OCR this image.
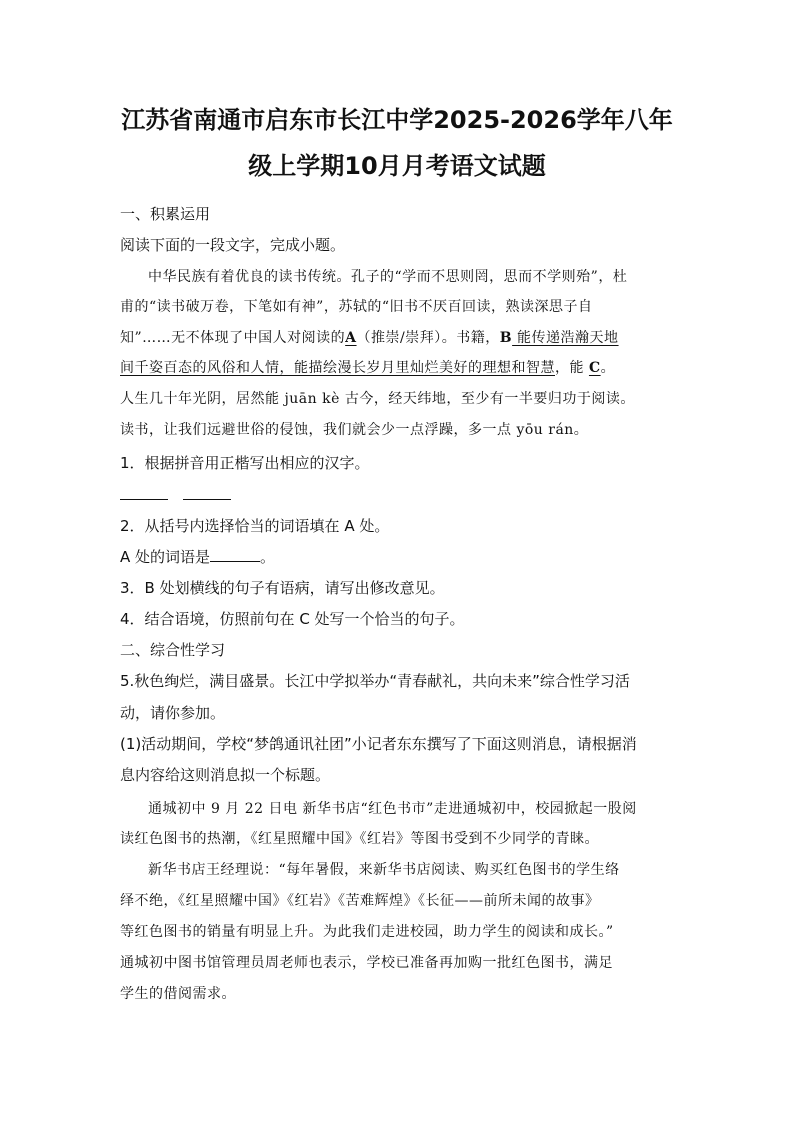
江苏省南通市启东市长江中学2025-2026学年八年
级上学期10月月考语文试题
一、积累运用
阅读下面的一段文字，完成小题。
中华民族有着优良的读书传统。孔子的“学而不思则罔，思而不学则殆”，杜
甫的“读书破万卷，下笔如有神”，苏轼的“旧书不厌百回读，熟读深思子自
知”……无不体现了中国人对阅读的A（推崇/崇拜）。书籍，B 能传递浩瀚天地
间千姿百态的风俗和人情，能描绘漫长岁月里灿烂美好的理想和智慧，能 C。
人生几十年光阴，居然能 juān kè 古今，经天纬地，至少有一半要归功于阅读。
读书，让我们远避世俗的侵蚀，我们就会少一点浮躁，多一点 yōu rán。
1．根据拼音用正楷写出相应的汉字。

2．从括号内选择恰当的词语填在 A 处。
A 处的词语是	。
3．B 处划横线的句子有语病，请写出修改意见。
4．结合语境，仿照前句在 C 处写一个恰当的句子。
二、综合性学习
5.秋色绚烂，满目盛景。长江中学拟举办“青春献礼，共向未来”综合性学习活
动，请你参加。
(1)活动期间，学校“梦鸽通讯社团”小记者东东撰写了下面这则消息，请根据消
息内容给这则消息拟一个标题。
通城初中 9 月 22 日电 新华书店“红色书市”走进通城初中，校园掀起一股阅
读红色图书的热潮，《红星照耀中国》《红岩》等图书受到不少同学的青睐。
新华书店王经理说：“每年暑假，来新华书店阅读、购买红色图书的学生络
绎不绝，《红星照耀中国》《红岩》《苦难辉煌》《长征——前所未闻的故事》
等红色图书的销量有明显上升。为此我们走进校园，助力学生的阅读和成长。”
通城初中图书馆管理员周老师也表示，学校已准备再加购一批红色图书，满足
学生的借阅需求。
